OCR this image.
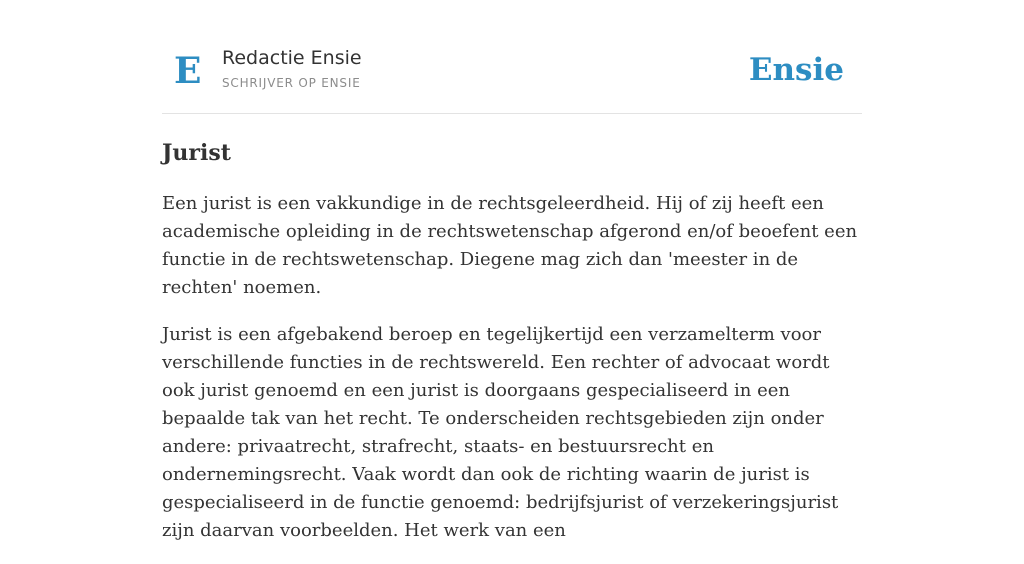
E Redactie Ensie
SCHRIJVER OP ENSIE	Ensie
Jurist

Een jurist is een vakkundige in de rechtsgeleerdheid. Hij of zij heeft een academische opleiding in de rechtswetenschap afgerond en/of beoefent een functie in de rechtswetenschap. Diegene mag zich dan 'meester in de rechten' noemen.

Jurist is een afgebakend beroep en tegelijkertijd een verzamelterm voor verschillende functies in de rechtswereld. Een rechter of advocaat wordt ook jurist genoemd en een jurist is doorgaans gespecialiseerd in een bepaalde tak van het recht. Te onderscheiden rechtsgebieden zijn onder andere: privaatrecht, strafrecht, staats- en bestuursrecht en ondernemingsrecht. Vaak wordt dan ook de richting waarin de jurist is gespecialiseerd in de functie genoemd: bedrijfsjurist of verzekeringsjurist zijn daarvan voorbeelden. Het werk van een
